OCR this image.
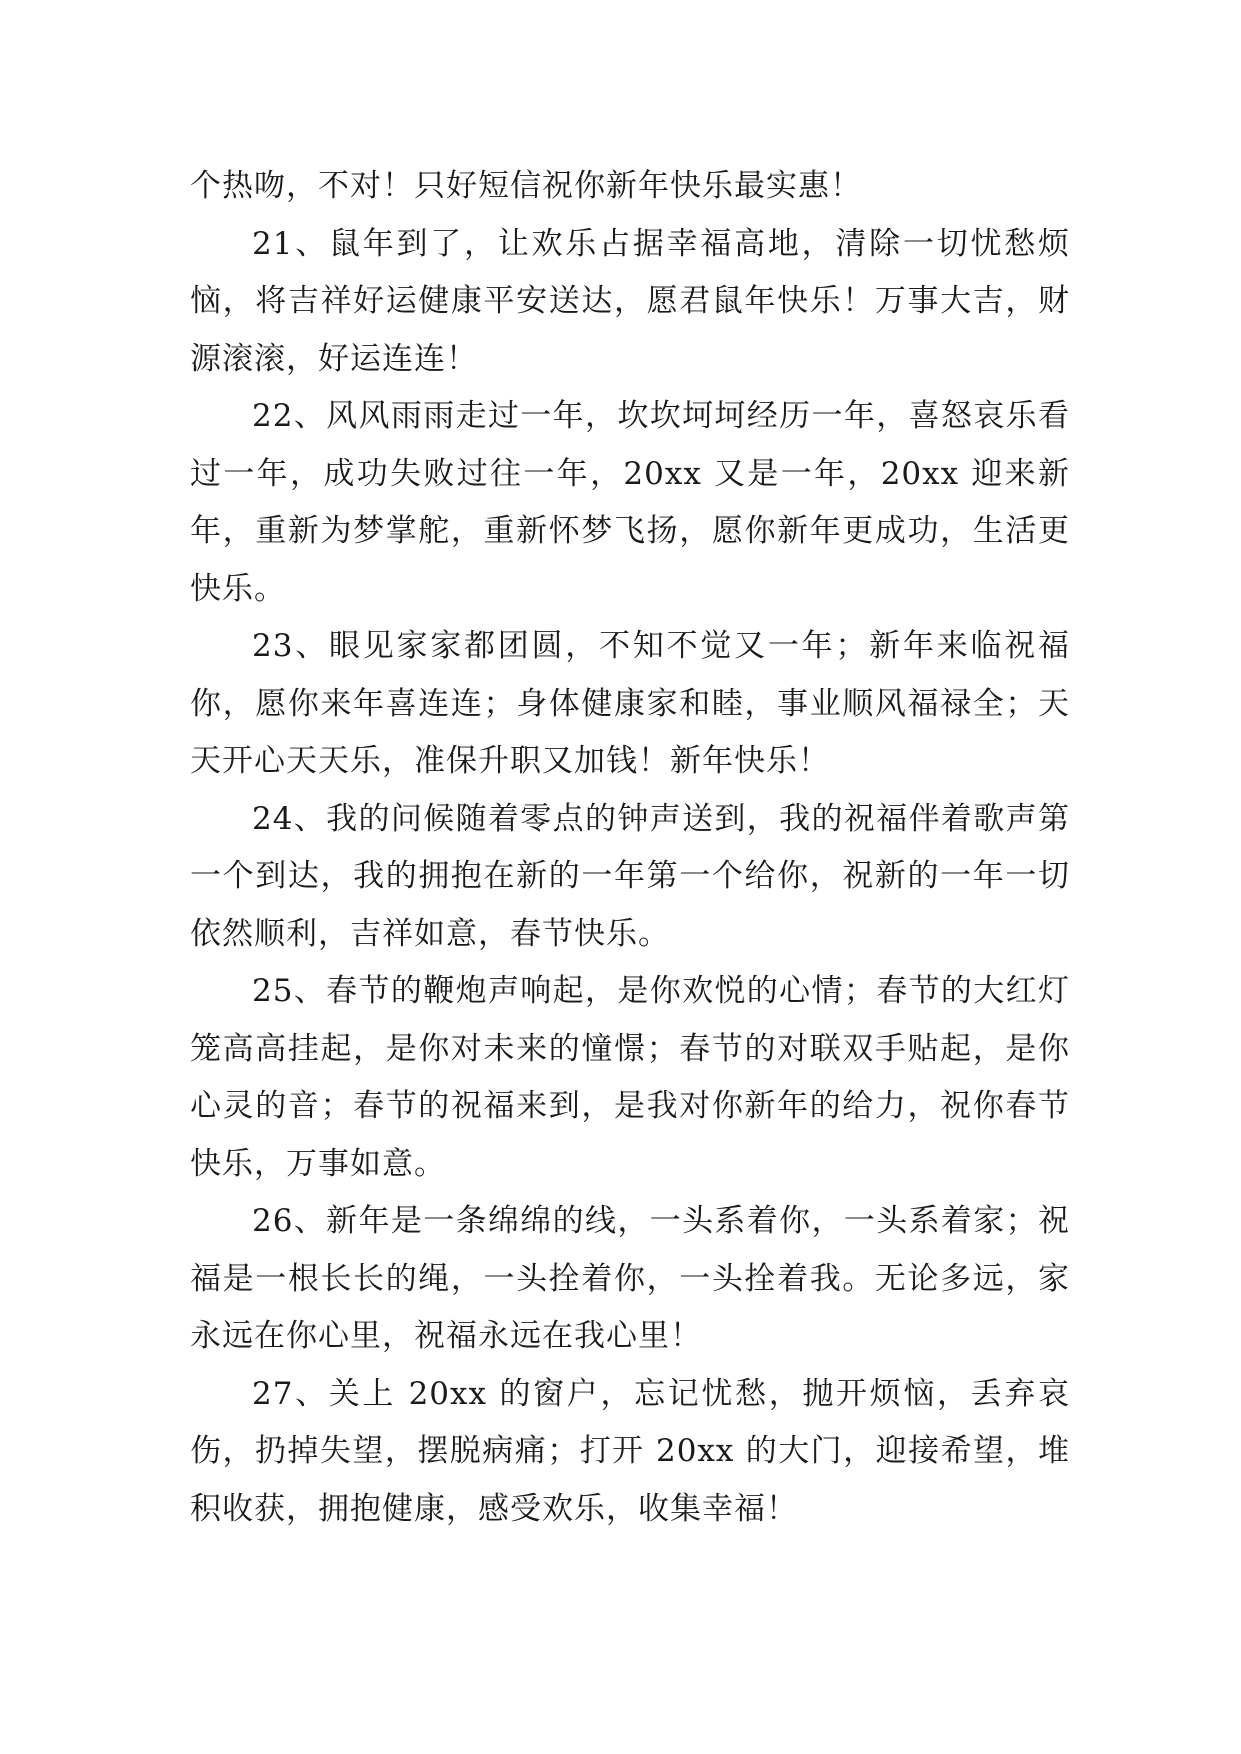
个热吻，不对！只好短信祝你新年快乐最实惠！

21、鼠年到了，让欢乐占据幸福高地，清除一切忧愁烦恼，将吉祥好运健康平安送达，愿君鼠年快乐！万事大吉，财源滚滚，好运连连！

22、风风雨雨走过一年，坎坎坷坷经历一年，喜怒哀乐看过一年，成功失败过往一年，20xx 又是一年，20xx 迎来新年，重新为梦掌舵，重新怀梦飞扬，愿你新年更成功，生活更快乐。

23、眼见家家都团圆，不知不觉又一年；新年来临祝福你，愿你来年喜连连；身体健康家和睦，事业顺风福禄全；天天开心天天乐，准保升职又加钱！新年快乐！

24、我的问候随着零点的钟声送到，我的祝福伴着歌声第一个到达，我的拥抱在新的一年第一个给你，祝新的一年一切依然顺利，吉祥如意，春节快乐。

25、春节的鞭炮声响起，是你欢悦的心情；春节的大红灯笼高高挂起，是你对未来的憧憬；春节的对联双手贴起，是你心灵的音；春节的祝福来到，是我对你新年的给力，祝你春节快乐，万事如意。

26、新年是一条绵绵的线，一头系着你，一头系着家；祝福是一根长长的绳，一头拴着你，一头拴着我。无论多远，家永远在你心里，祝福永远在我心里！

27、关上 20xx 的窗户，忘记忧愁，抛开烦恼，丢弃哀伤，扔掉失望，摆脱病痛；打开 20xx 的大门，迎接希望，堆积收获，拥抱健康，感受欢乐，收集幸福！
